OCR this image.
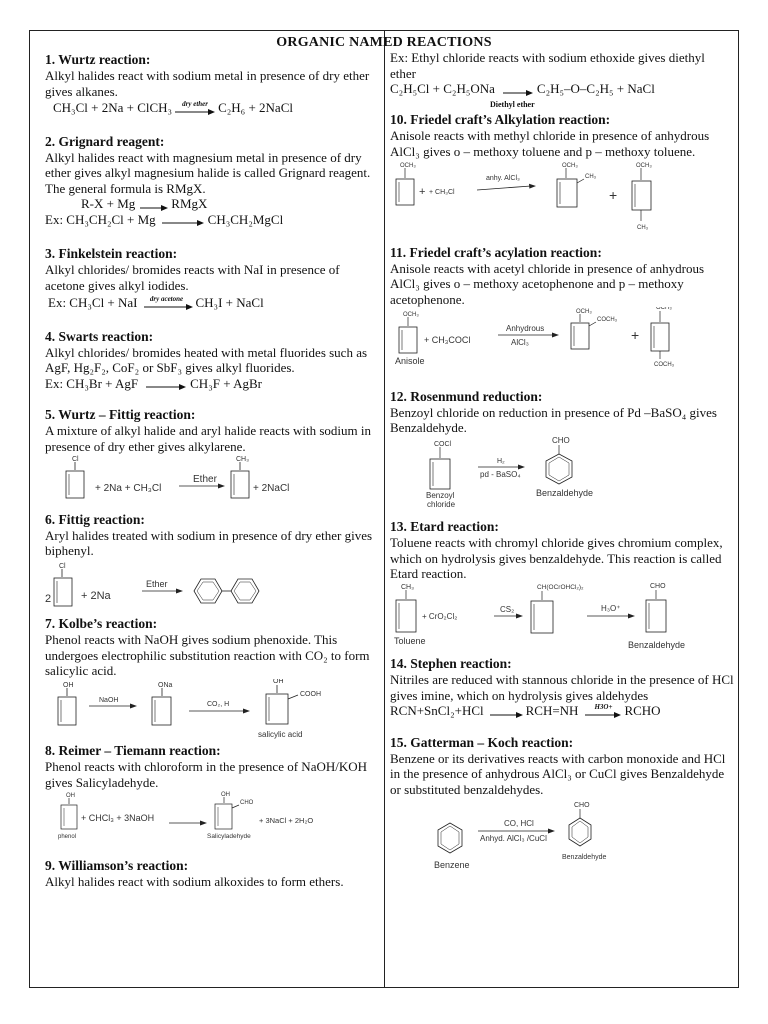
ORGANIC NAMED REACTIONS
1. Wurtz reaction:
Alkyl halides react with sodium metal in presence of dry ether gives alkanes.
CH₃Cl + 2Na + ClCH₃	dry ether C₂H₆ + 2NaCl
2. Grignard reagent:
Alkyl halides react with magnesium metal in presence of dry ether gives alkyl magnesium halide is called Grignard reagent. The general formula is RMgX.
R-X + Mg → RMgX
Ex: CH₃CH₂Cl + Mg → CH₃CH₂MgCl
3. Finkelstein reaction:
Alkyl chlorides/ bromides reacts with NaI in presence of acetone gives alkyl iodides.
Ex: CH₃Cl + NaI	dry acetone CH₃I + NaCl
4. Swarts reaction:
Alkyl chlorides/ bromides heated with metal fluorides such as AgF, Hg₂F₂, CoF₂ or SbF₃ gives alkyl fluorides.
Ex: CH₃Br + AgF → CH₃F + AgBr
5. Wurtz – Fittig reaction:
A mixture of alkyl halide and aryl halide reacts with sodium in presence of dry ether gives alkylarene.
Cl
+ 2Na + CH₃Cl
Ether
CH₃
+ 2NaCl
6. Fittig reaction:
Aryl halides treated with sodium in presence of dry ether gives biphenyl.
2
Cl
+ 2Na
Ether
7. Kolbe’s reaction:
Phenol reacts with NaOH gives sodium phenoxide. This undergoes electrophilic substitution reaction with CO₂ to form salicylic acid.
OH
NaOH
ONa
CO₂, H
OH
COOH
salicylic acid
8. Reimer – Tiemann reaction:
Phenol reacts with chloroform in the presence of NaOH/KOH gives Salicyladehyde.
OH
phenol
+ CHCl₃ + 3NaOH
OH
CHO
Salicyladehyde
+ 3NaCl + 2H₂O
9. Williamson’s reaction:
Alkyl halides react with sodium alkoxides to form ethers.
Ex: Ethyl chloride reacts with sodium ethoxide gives diethyl ether
C₂H₅Cl + C₂H₅ONa → C₂H₅–O–C₂H₅ + NaCl
Diethyl ether
10. Friedel craft’s Alkylation reaction:
Anisole reacts with methyl chloride in presence of anhydrous AlCl₃ gives o – methoxy toluene and p – methoxy toluene.
OCH₃
+ + CH₃Cl
anhy. AlCl₃
OCH₃
CH₃
+
OCH₃
CH₃
11. Friedel craft’s acylation reaction:
Anisole reacts with acetyl chloride in presence of anhydrous AlCl₃ gives o – methoxy acetophenone and p – methoxy acetophenone.
OCH₃
Anisole
+ CH₃COCl
Anhydrous
AlCl₃
OCH₃
COCH₃
+
OCH₃
COCH₃
12. Rosenmund reduction:
Benzoyl chloride on reduction in presence of Pd –BaSO₄ gives Benzaldehyde.
COCl
Benzoyl
chloride
H₂
pd - BaSO₄
CHO
Benzaldehyde
13. Etard reaction:
Toluene reacts with chromyl chloride gives chromium complex, which on hydrolysis gives benzaldehyde. This reaction is called Etard reaction.
CH₃
Toluene
+ CrO₂Cl₂
CS₂
CH(OCrOHCl₂)₂
H₃O⁺
CHO
Benzaldehyde
14. Stephen reaction:
Nitriles are reduced with stannous chloride in the presence of HCl gives imine, which on hydrolysis gives aldehydes
RCN+SnCl₂+HCl → RCH=NH	H3O+ RCHO
15. Gatterman – Koch reaction:
Benzene or its derivatives reacts with carbon monoxide and HCl in the presence of anhydrous AlCl₃ or CuCl gives Benzaldehyde or substituted benzaldehydes.
Benzene
CO, HCl
Anhyd. AlCl₃ /CuCl
CHO
Benzaldehyde
